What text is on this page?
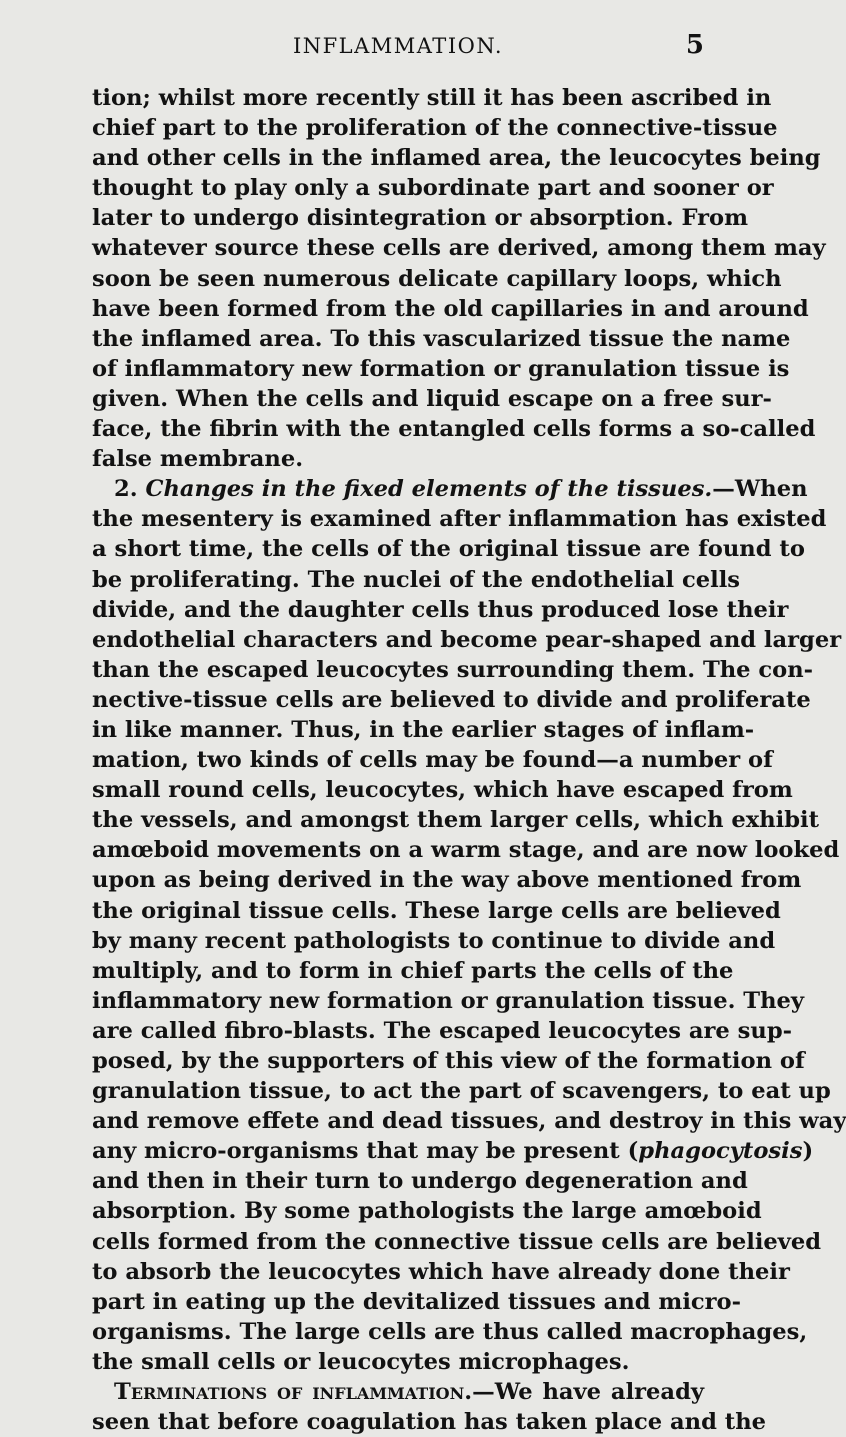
INFLAMMATION.	5
tion; whilst more recently still it has been ascribed in
chief part to the proliferation of the connective-tissue
and other cells in the inflamed area, the leucocytes being
thought to play only a subordinate part and sooner or
later to undergo disintegration or absorption. From
whatever source these cells are derived, among them may
soon be seen numerous delicate capillary loops, which
have been formed from the old capillaries in and around
the inflamed area. To this vascularized tissue the name
of inflammatory new formation or granulation tissue is
given. When the cells and liquid escape on a free sur-
face, the fibrin with the entangled cells forms a so-called
false membrane.
2. Changes in the fixed elements of the tissues.—When
the mesentery is examined after inflammation has existed
a short time, the cells of the original tissue are found to
be proliferating. The nuclei of the endothelial cells
divide, and the daughter cells thus produced lose their
endothelial characters and become pear-shaped and larger
than the escaped leucocytes surrounding them. The con-
nective-tissue cells are believed to divide and proliferate
in like manner. Thus, in the earlier stages of inflam-
mation, two kinds of cells may be found—a number of
small round cells, leucocytes, which have escaped from
the vessels, and amongst them larger cells, which exhibit
amœboid movements on a warm stage, and are now looked
upon as being derived in the way above mentioned from
the original tissue cells. These large cells are believed
by many recent pathologists to continue to divide and
multiply, and to form in chief parts the cells of the
inflammatory new formation or granulation tissue. They
are called fibro-blasts. The escaped leucocytes are sup-
posed, by the supporters of this view of the formation of
granulation tissue, to act the part of scavengers, to eat up
and remove effete and dead tissues, and destroy in this way
any micro-organisms that may be present (phagocytosis)
and then in their turn to undergo degeneration and
absorption. By some pathologists the large amœboid
cells formed from the connective tissue cells are believed
to absorb the leucocytes which have already done their
part in eating up the devitalized tissues and micro-
organisms. The large cells are thus called macrophages,
the small cells or leucocytes microphages.
Terminations of inflammation.—We have already
seen that before coagulation has taken place and the
